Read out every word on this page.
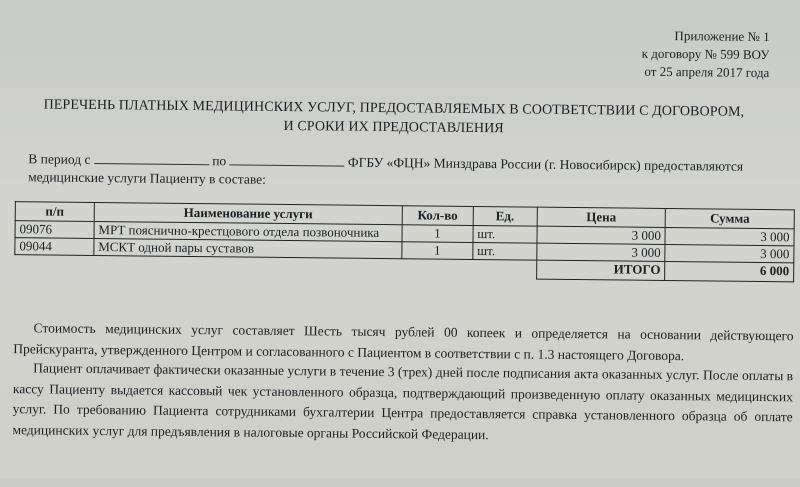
Приложение № 1
к договору № 599 ВОУ
от 25 апреля 2017 года
ПЕРЕЧЕНЬ ПЛАТНЫХ МЕДИЦИНСКИХ УСЛУГ, ПРЕДОСТАВЛЯЕМЫХ В СООТВЕТСТВИИ С ДОГОВОРОМ,
И СРОКИ ИХ ПРЕДОСТАВЛЕНИЯ
В период с	по	ФГБУ «ФЦН» Минздрава России (г. Новосибирск) предоставляются медицинские услуги Пациенту в составе:
п/п	Наименование услуги	Кол-во	Ед.	Цена	Сумма
09076	МРТ пояснично-крестцового отдела позвоночника	1	шт.	3 000	3 000
09044	МСКТ одной пары суставов	1	шт.	3 000	3 000
				ИТОГО	6 000
Стоимость медицинских услуг составляет Шесть тысяч рублей 00 копеек и определяется на основании действующего Прейскуранта, утвержденного Центром и согласованного с Пациентом в соответствии с п. 1.3 настоящего Договора.
Пациент оплачивает фактически оказанные услуги в течение 3 (трех) дней после подписания акта оказанных услуг. После оплаты в кассу Пациенту выдается кассовый чек установленного образца, подтверждающий произведенную оплату оказанных медицинских услуг. По требованию Пациента сотрудниками бухгалтерии Центра предоставляется справка установленного образца об оплате медицинских услуг для предъявления в налоговые органы Российской Федерации.
